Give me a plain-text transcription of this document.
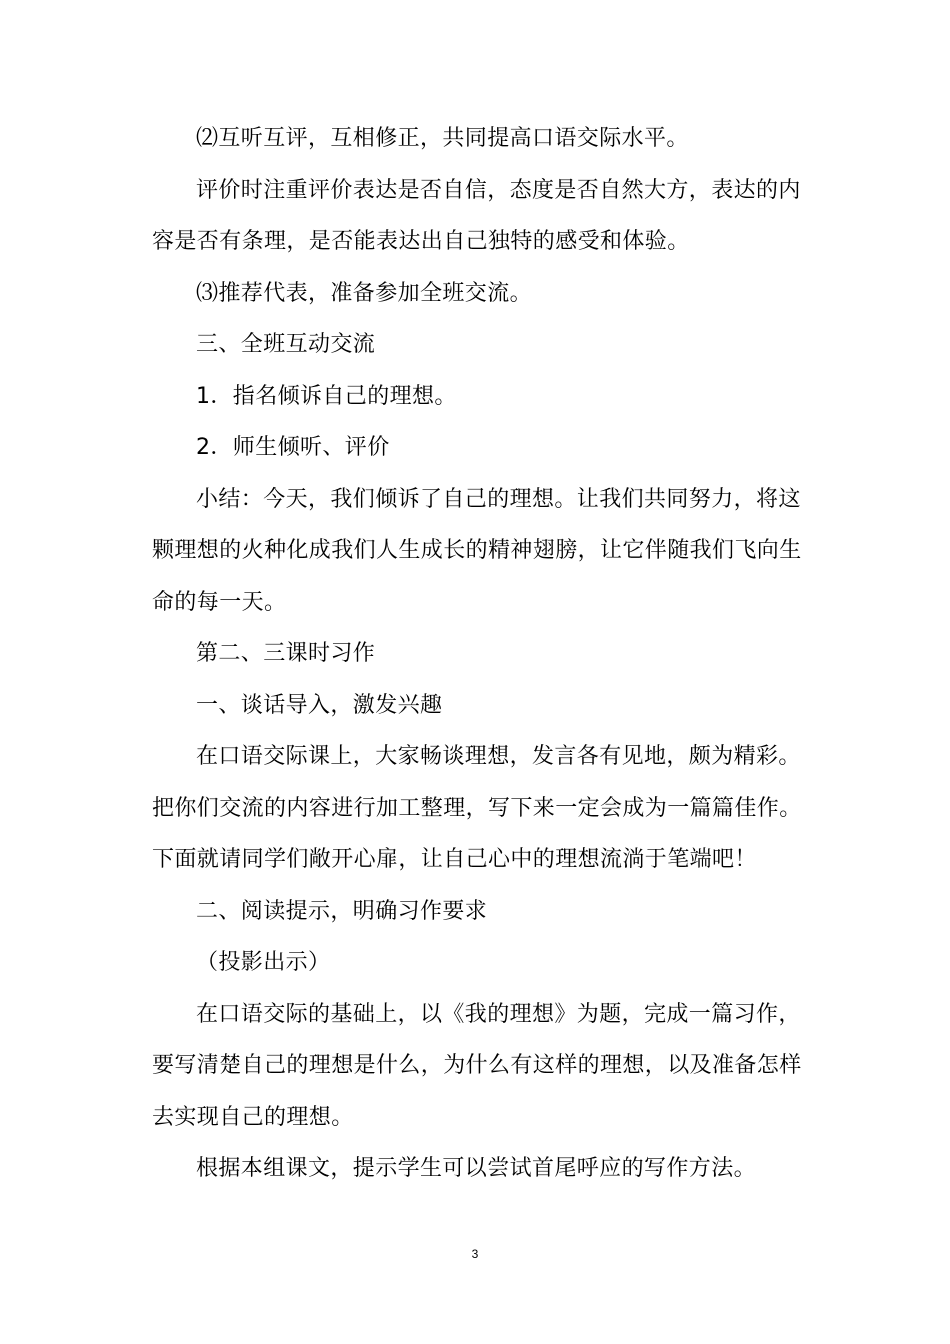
⑵互听互评，互相修正，共同提高口语交际水平。

评价时注重评价表达是否自信，态度是否自然大方，表达的内容是否有条理，是否能表达出自己独特的感受和体验。

⑶推荐代表，准备参加全班交流。

三、全班互动交流

1．指名倾诉自己的理想。

2．师生倾听、评价

小结：今天，我们倾诉了自己的理想。让我们共同努力，将这颗理想的火种化成我们人生成长的精神翅膀，让它伴随我们飞向生命的每一天。

第二、三课时习作

一、谈话导入，激发兴趣

在口语交际课上，大家畅谈理想，发言各有见地，颇为精彩。把你们交流的内容进行加工整理，写下来一定会成为一篇篇佳作。下面就请同学们敞开心扉，让自己心中的理想流淌于笔端吧！

二、阅读提示，明确习作要求

（投影出示）

在口语交际的基础上，以《我的理想》为题，完成一篇习作，要写清楚自己的理想是什么，为什么有这样的理想，以及准备怎样去实现自己的理想。

根据本组课文，提示学生可以尝试首尾呼应的写作方法。

3
